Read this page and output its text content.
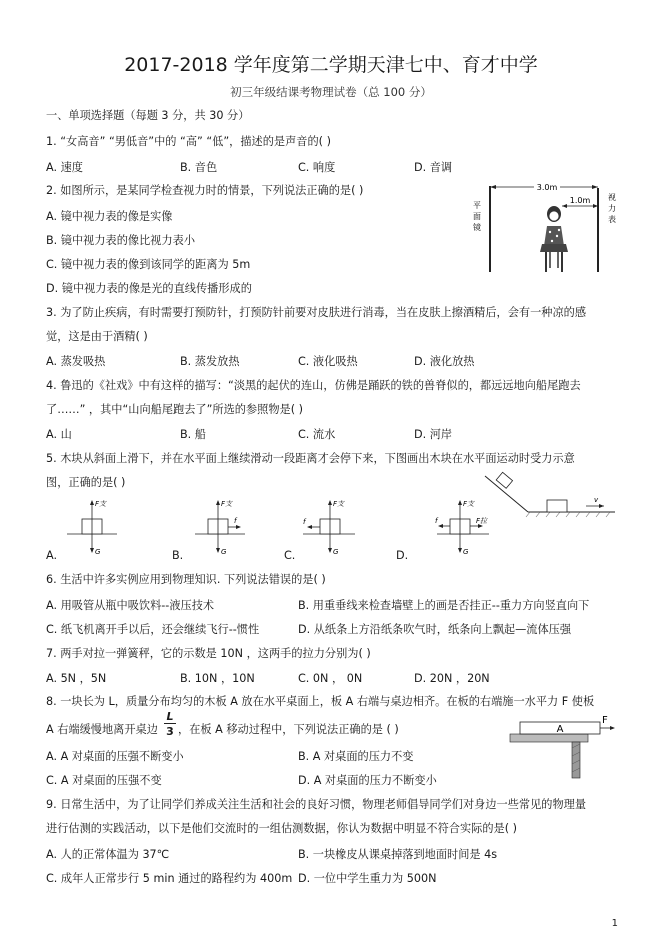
2017-2018 学年度第二学期天津七中、育才中学
初三年级结课考物理试卷（总 100 分）
一、单项选择题（每题 3 分，共 30 分）
1. “女高音” “男低音”中的 “高” “低”，描述的是声音的( )
A. 速度	B. 音色	C. 响度	D. 音调
2. 如图所示，是某同学检查视力时的情景，下列说法正确的是( )
A. 镜中视力表的像是实像
B. 镜中视力表的像比视力表小
C. 镜中视力表的像到该同学的距离为 5m
D. 镜中视力表的像是光的直线传播形成的
3.0m
1.0m
平
面
镜
视
力
表
3. 为了防止疾病，有时需要打预防针，打预防针前要对皮肤进行消毒，当在皮肤上擦酒精后，会有一种凉的感
觉，这是由于酒精( )
A. 蒸发吸热	B. 蒸发放热	C. 液化吸热	D. 液化放热
4. 鲁迅的《社戏》中有这样的描写：“淡黑的起伏的连山，仿佛是踊跃的铁的兽脊似的，都远远地向船尾跑去
了……” ，其中“山向船尾跑去了”所选的参照物是( )
A. 山	B. 船	C. 流水	D. 河岸
5. 木块从斜面上滑下，并在水平面上继续滑动一段距离才会停下来，下图画出木块在水平面运动时受力示意
图，正确的是( )
v
F支
G
F支
G
f
F支
G
f
F支
G
f	F拉
A.	B.	C.	D.
6. 生活中许多实例应用到物理知识. 下列说法错误的是( )
A. 用吸管从瓶中吸饮料--液压技术	B. 用重垂线来检查墙壁上的画是否挂正--重力方向竖直向下
C. 纸飞机离开手以后，还会继续飞行--惯性	D. 从纸条上方沿纸条吹气时，纸条向上飘起—流体压强
7. 两手对拉一弹簧秤，它的示数是 10N ，这两手的拉力分别为( )
A. 5N ，5N	B. 10N ，10N	C. 0N ， 0N	D. 20N ，20N
8. 一块长为 L，质量分布均匀的木板 A 放在水平桌面上，板 A 右端与桌边相齐。在板的右端施一水平力 F 使板
A 右端缓慢地离开桌边
L
3 ，在板 A 移动过程中，下列说法正确的是 ( )	A
F
A. A 对桌面的压强不断变小	B. A 对桌面的压力不变
C. A 对桌面的压强不变	D. A 对桌面的压力不断变小
9. 日常生活中，为了让同学们养成关注生活和社会的良好习惯，物理老师倡导同学们对身边一些常见的物理量
进行估测的实践活动，以下是他们交流时的一组估测数据，你认为数据中明显不符合实际的是( )
A. 人的正常体温为 37℃	B. 一块橡皮从课桌掉落到地面时间是 4s
C. 成年人正常步行 5 min 通过的路程约为 400m D. 一位中学生重力为 500N
1
